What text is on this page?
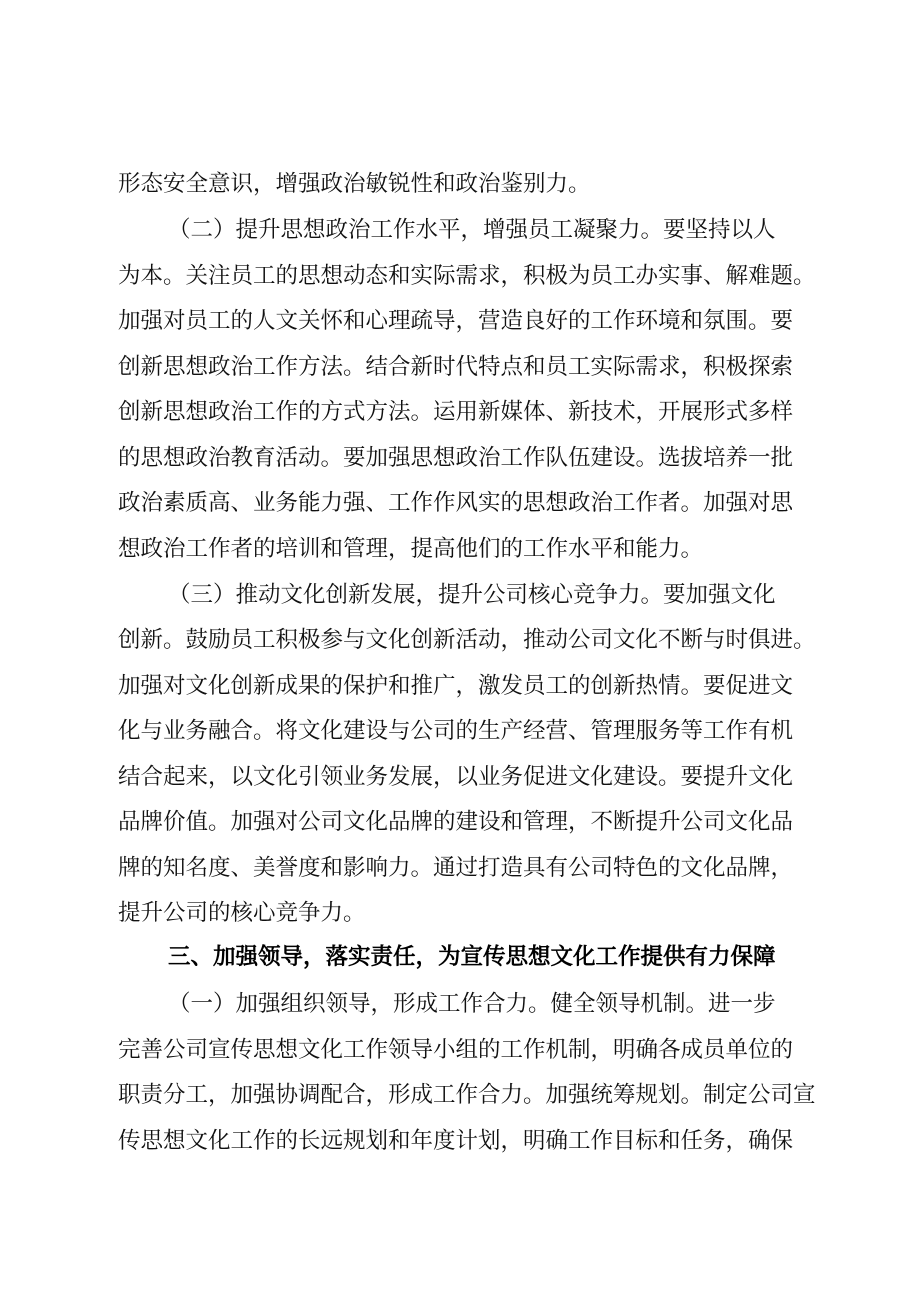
形态安全意识，增强政治敏锐性和政治鉴别力。
（二）提升思想政治工作水平，增强员工凝聚力。要坚持以人
为本。关注员工的思想动态和实际需求，积极为员工办实事、解难题。
加强对员工的人文关怀和心理疏导，营造良好的工作环境和氛围。要
创新思想政治工作方法。结合新时代特点和员工实际需求，积极探索
创新思想政治工作的方式方法。运用新媒体、新技术，开展形式多样
的思想政治教育活动。要加强思想政治工作队伍建设。选拔培养一批
政治素质高、业务能力强、工作作风实的思想政治工作者。加强对思
想政治工作者的培训和管理，提高他们的工作水平和能力。
（三）推动文化创新发展，提升公司核心竞争力。要加强文化
创新。鼓励员工积极参与文化创新活动，推动公司文化不断与时俱进。
加强对文化创新成果的保护和推广，激发员工的创新热情。要促进文
化与业务融合。将文化建设与公司的生产经营、管理服务等工作有机
结合起来，以文化引领业务发展，以业务促进文化建设。要提升文化
品牌价值。加强对公司文化品牌的建设和管理，不断提升公司文化品
牌的知名度、美誉度和影响力。通过打造具有公司特色的文化品牌，
提升公司的核心竞争力。
三、加强领导，落实责任，为宣传思想文化工作提供有力保障
（一）加强组织领导，形成工作合力。健全领导机制。进一步
完善公司宣传思想文化工作领导小组的工作机制，明确各成员单位的
职责分工，加强协调配合，形成工作合力。加强统筹规划。制定公司宣
传思想文化工作的长远规划和年度计划，明确工作目标和任务，确保
